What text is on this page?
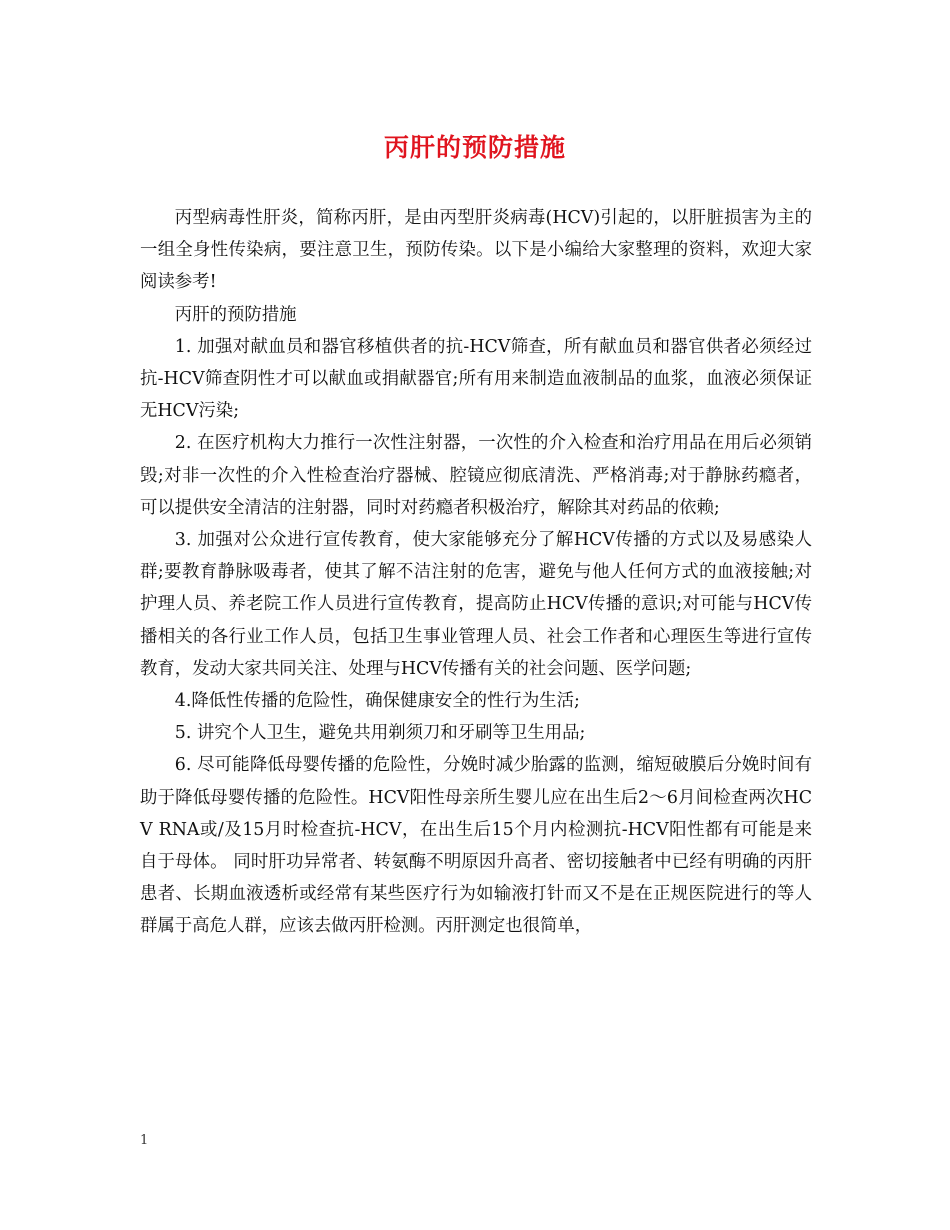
丙肝的预防措施

丙型病毒性肝炎，简称丙肝，是由丙型肝炎病毒(HCV)引起的，以肝脏损害为主的一组全身性传染病，要注意卫生，预防传染。以下是小编给大家整理的资料，欢迎大家阅读参考!

丙肝的预防措施

1. 加强对献血员和器官移植供者的抗-HCV筛查，所有献血员和器官供者必须经过抗-HCV筛查阴性才可以献血或捐献器官;所有用来制造血液制品的血浆，血液必须保证无HCV污染;

2. 在医疗机构大力推行一次性注射器，一次性的介入检查和治疗用品在用后必须销毁;对非一次性的介入性检查治疗器械、腔镜应彻底清洗、严格消毒;对于静脉药瘾者，可以提供安全清洁的注射器，同时对药瘾者积极治疗，解除其对药品的依赖;

3. 加强对公众进行宣传教育，使大家能够充分了解HCV传播的方式以及易感染人群;要教育静脉吸毒者，使其了解不洁注射的危害，避免与他人任何方式的血液接触;对护理人员、养老院工作人员进行宣传教育，提高防止HCV传播的意识;对可能与HCV传播相关的各行业工作人员，包括卫生事业管理人员、社会工作者和心理医生等进行宣传教育，发动大家共同关注、处理与HCV传播有关的社会问题、医学问题;

4.降低性传播的危险性，确保健康安全的性行为生活;

5. 讲究个人卫生，避免共用剃须刀和牙刷等卫生用品;

6. 尽可能降低母婴传播的危险性，分娩时减少胎露的监测，缩短破膜后分娩时间有助于降低母婴传播的危险性。HCV阳性母亲所生婴儿应在出生后2～6月间检查两次HCV RNA或/及15月时检查抗-HCV，在出生后15个月内检测抗-HCV阳性都有可能是来自于母体。 同时肝功异常者、转氨酶不明原因升高者、密切接触者中已经有明确的丙肝患者、长期血液透析或经常有某些医疗行为如输液打针而又不是在正规医院进行的等人群属于高危人群，应该去做丙肝检测。丙肝测定也很简单，

1
